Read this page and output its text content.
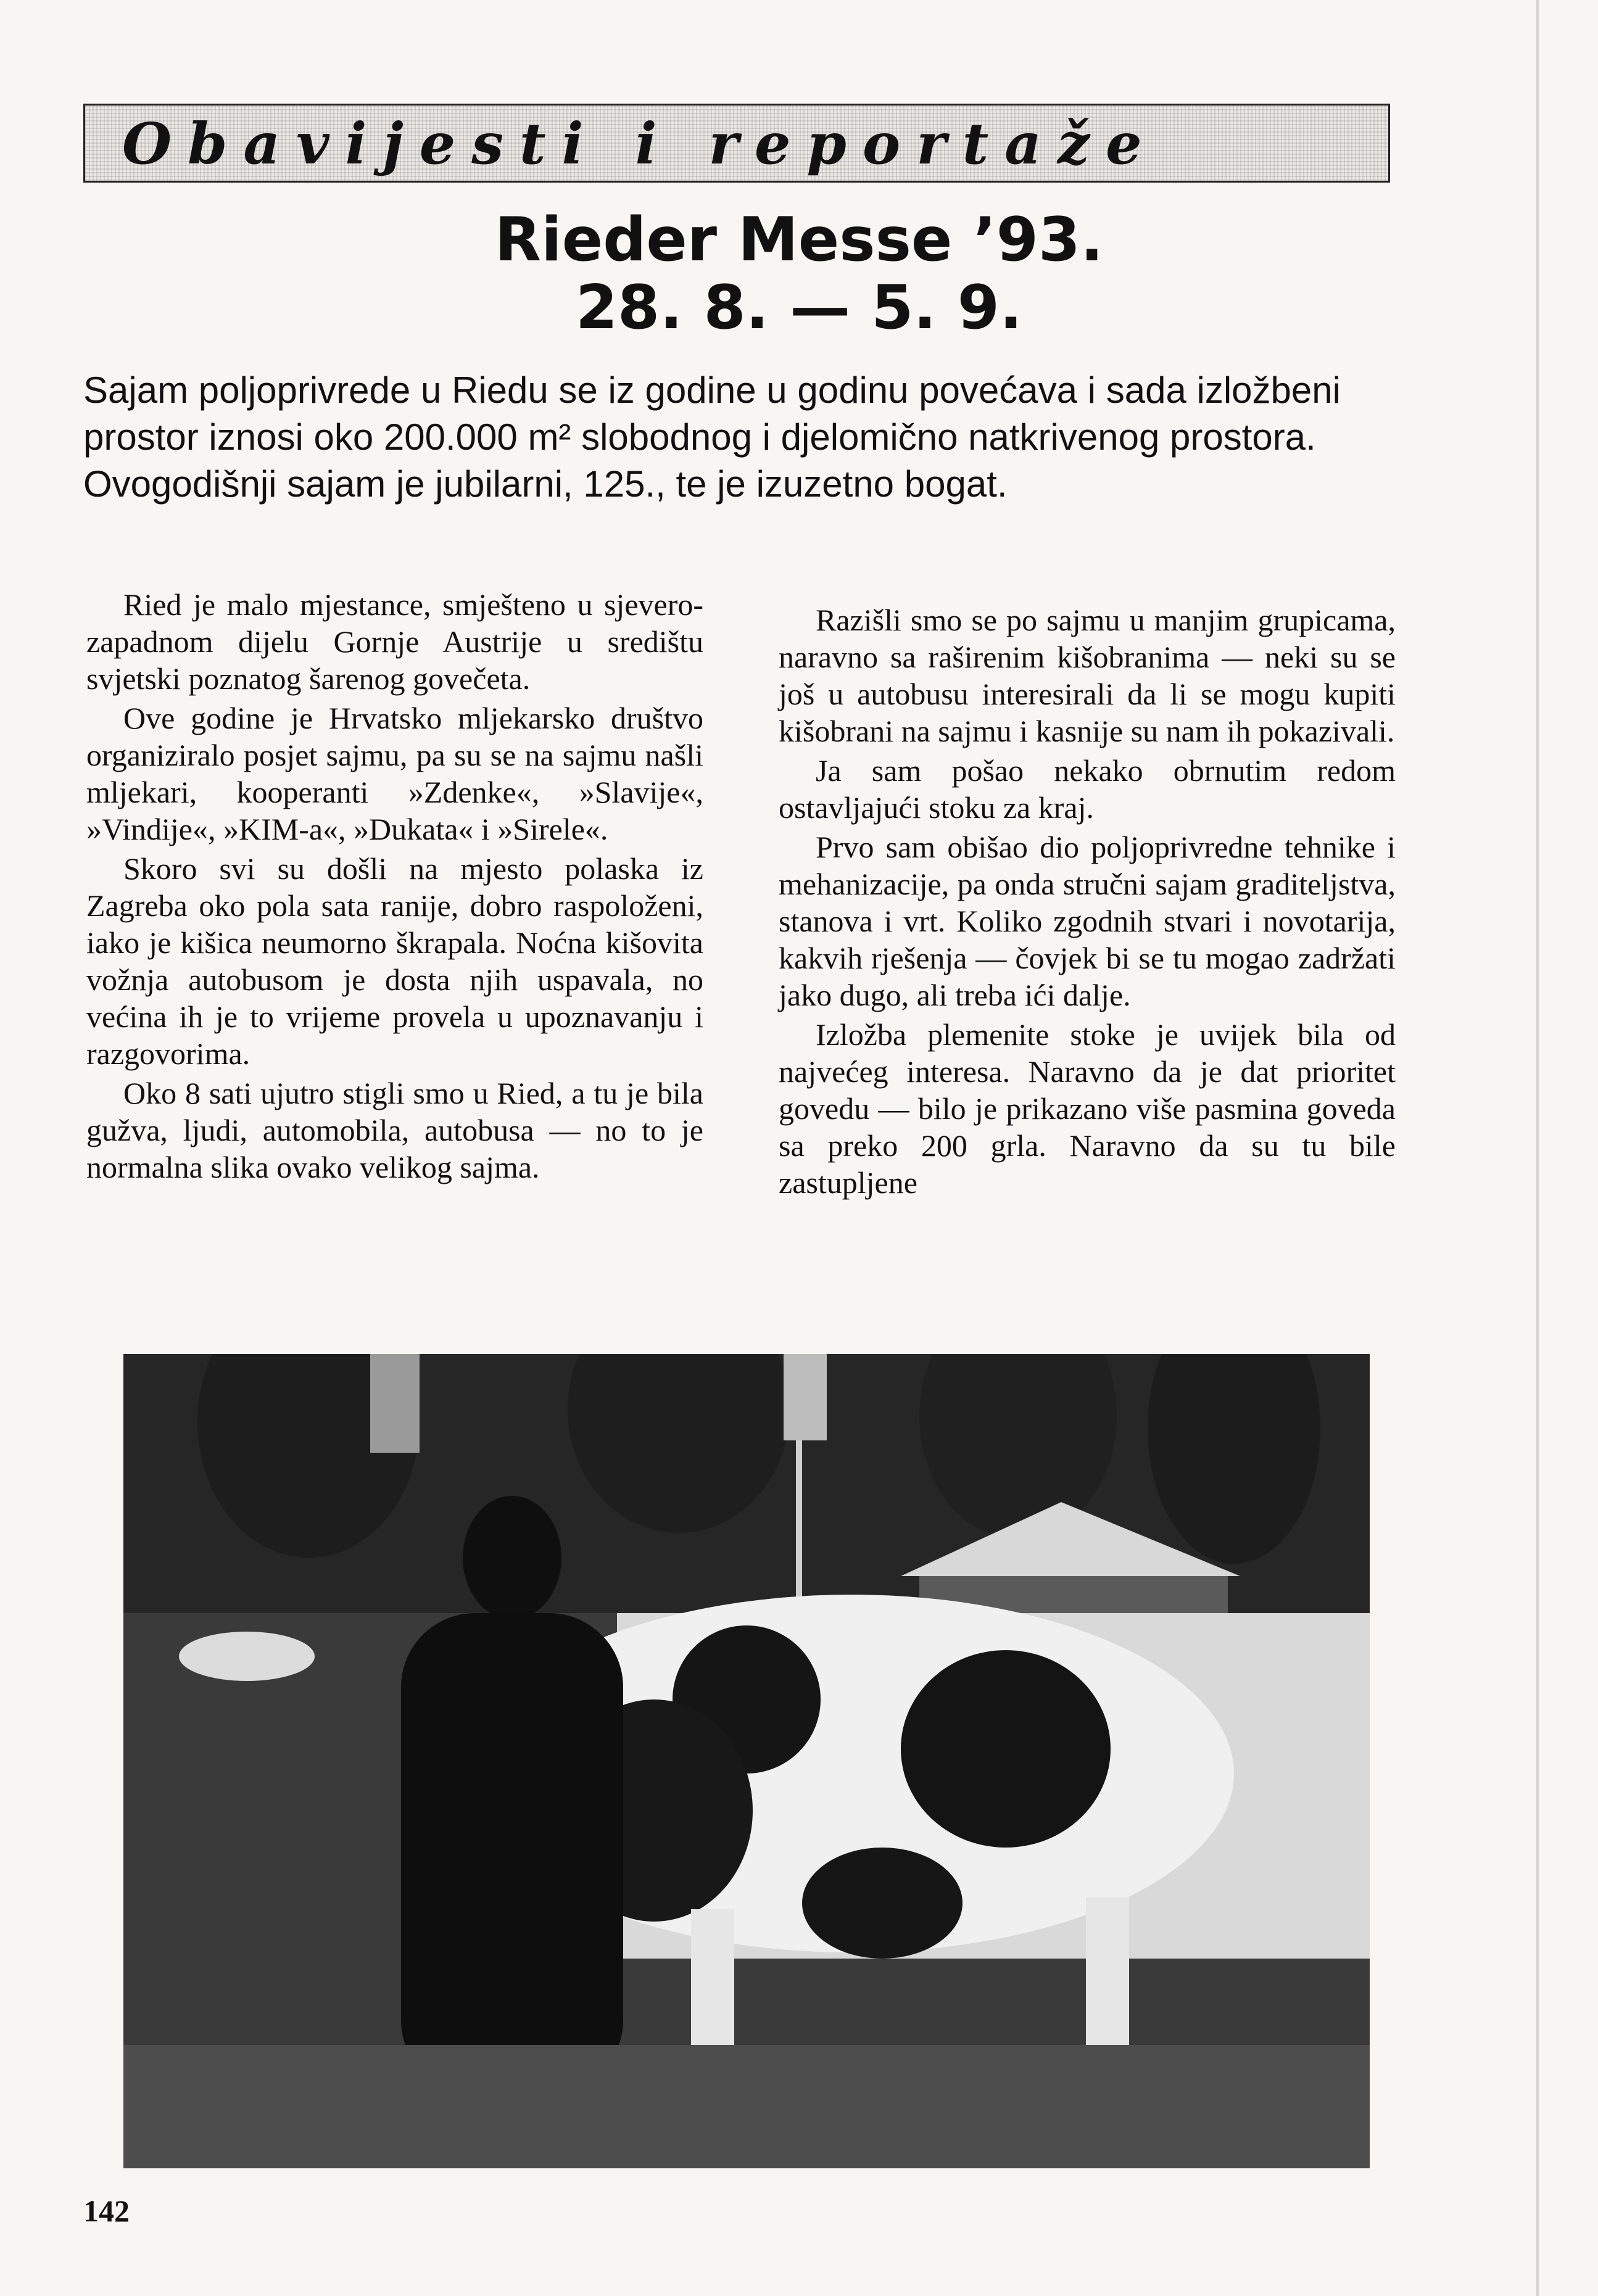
Obavijesti i reportaže
Rieder Messe ’93.
28. 8. — 5. 9.

Sajam poljoprivrede u Riedu se iz godine u godinu povećava i sada izložbeni prostor iznosi oko 200.000 m² slobodnog i djelomično natkrivenog prostora. Ovogodišnji sajam je jubilarni, 125., te je izuzetno bogat.

Ried je malo mjestance, smješteno u sjevero-zapadnom dijelu Gornje Austrije u središtu svjetski poznatog šarenog govečeta.

Ove godine je Hrvatsko mljekarsko društvo organiziralo posjet sajmu, pa su se na sajmu našli mljekari, kooperanti »Zdenke«, »Slavije«, »Vindije«, »KIM-a«, »Dukata« i »Sirele«.

Skoro svi su došli na mjesto polaska iz Zagreba oko pola sata ranije, dobro raspoloženi, iako je kišica neumorno škrapala. Noćna kišovita vožnja autobusom je dosta njih uspavala, no većina ih je to vrijeme provela u upoznavanju i razgovorima.

Oko 8 sati ujutro stigli smo u Ried, a tu je bila gužva, ljudi, automobila, autobusa — no to je normalna slika ovako velikog sajma.

Razišli smo se po sajmu u manjim grupicama, naravno sa raširenim kišobranima — neki su se još u autobusu interesirali da li se mogu kupiti kišobrani na sajmu i kasnije su nam ih pokazivali.

Ja sam pošao nekako obrnutim redom ostavljajući stoku za kraj.

Prvo sam obišao dio poljoprivredne tehnike i mehanizacije, pa onda stručni sajam graditeljstva, stanova i vrt. Koliko zgodnih stvari i novotarija, kakvih rješenja — čovjek bi se tu mogao zadržati jako dugo, ali treba ići dalje.

Izložba plemenite stoke je uvijek bila od najvećeg interesa. Naravno da je dat prioritet govedu — bilo je prikazano više pasmina goveda sa preko 200 grla. Naravno da su tu bile zastupljene

142
